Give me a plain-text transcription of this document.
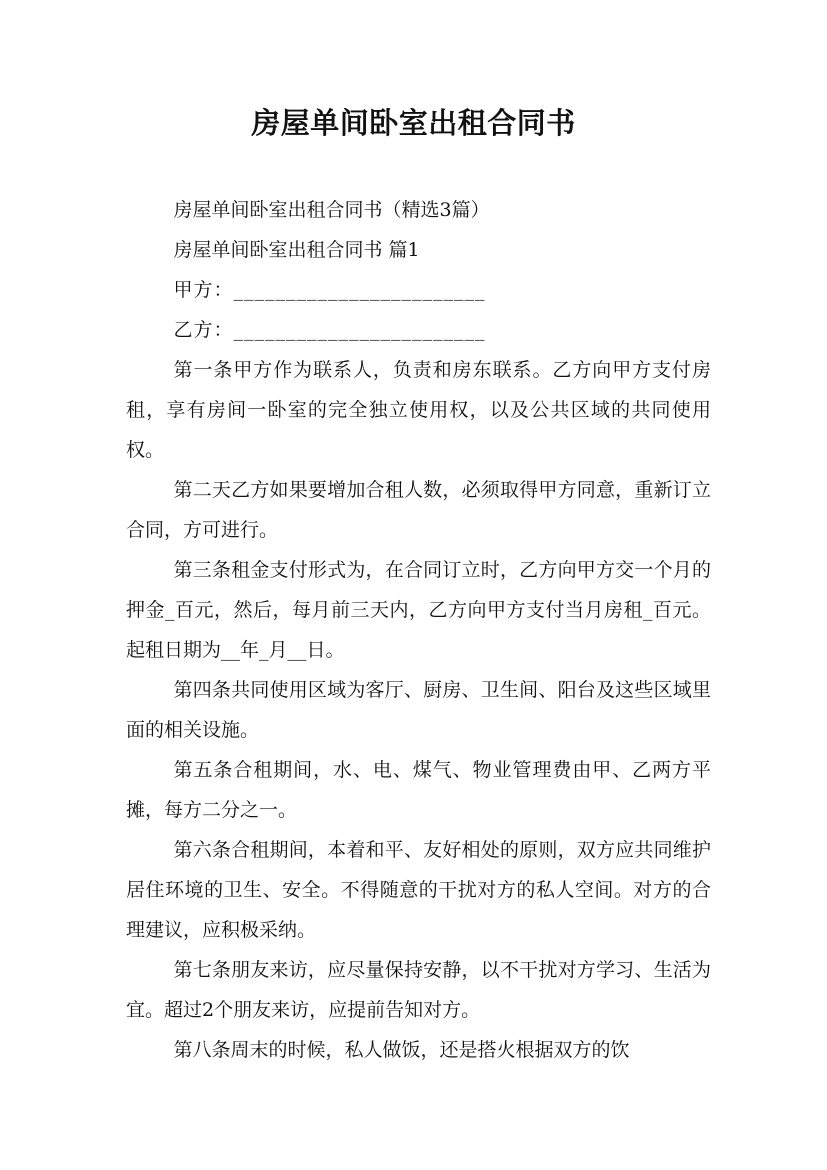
房屋单间卧室出租合同书

房屋单间卧室出租合同书（精选3篇）

房屋单间卧室出租合同书 篇1

甲方：________________________

乙方：________________________

第一条甲方作为联系人，负责和房东联系。乙方向甲方支付房租，享有房间一卧室的完全独立使用权，以及公共区域的共同使用权。

第二天乙方如果要增加合租人数，必须取得甲方同意，重新订立合同，方可进行。

第三条租金支付形式为，在合同订立时，乙方向甲方交一个月的押金_百元，然后，每月前三天内，乙方向甲方支付当月房租_百元。起租日期为__年_月__日。

第四条共同使用区域为客厅、厨房、卫生间、阳台及这些区域里面的相关设施。

第五条合租期间，水、电、煤气、物业管理费由甲、乙两方平摊，每方二分之一。

第六条合租期间，本着和平、友好相处的原则，双方应共同维护居住环境的卫生、安全。不得随意的干扰对方的私人空间。对方的合理建议，应积极采纳。

第七条朋友来访，应尽量保持安静，以不干扰对方学习、生活为宜。超过2个朋友来访，应提前告知对方。

第八条周末的时候，私人做饭，还是搭火根据双方的饮
